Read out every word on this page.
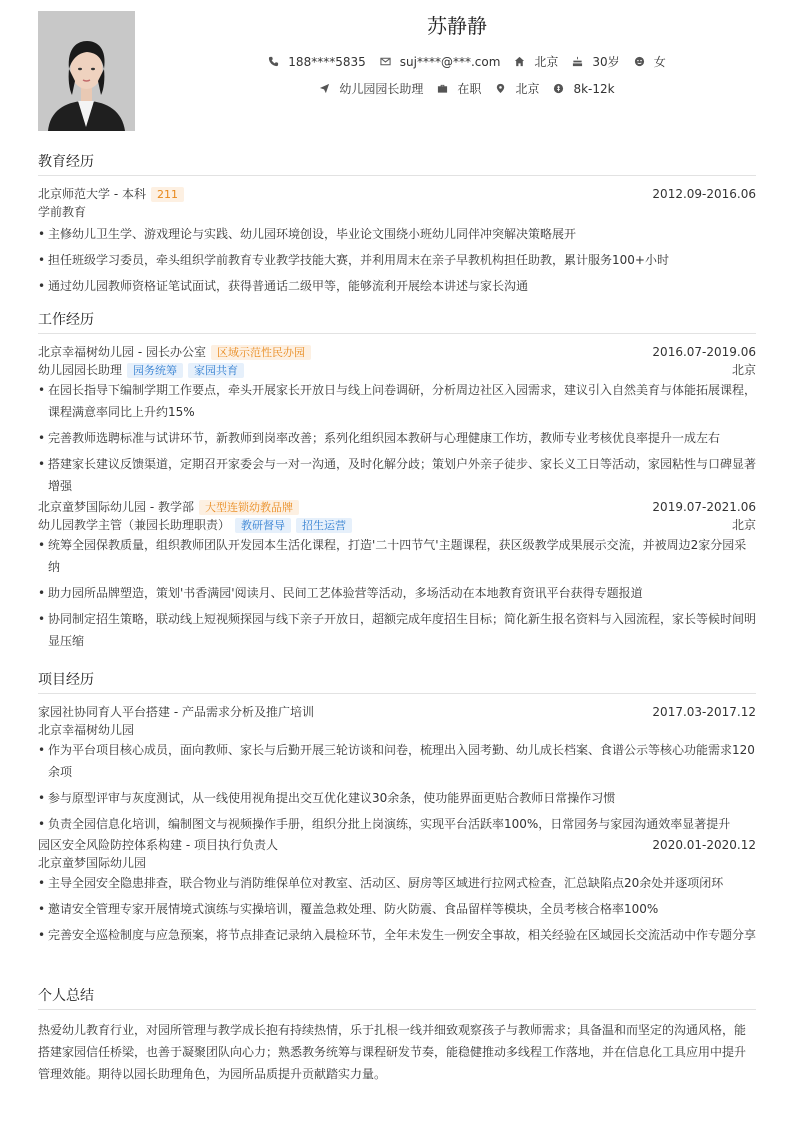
苏静静
188****5835	suj****@***.com	北京	30岁	女
幼儿园园长助理	在职	北京	8k-12k
教育经历
北京师范大学 - 本科	211	2012.09-2016.06
学前教育
• 主修幼儿卫生学、游戏理论与实践、幼儿园环境创设，毕业论文围绕小班幼儿同伴冲突解决策略展开
• 担任班级学习委员，牵头组织学前教育专业教学技能大赛，并利用周末在亲子早教机构担任助教，累计服务100+小时
• 通过幼儿园教师资格证笔试面试，获得普通话二级甲等，能够流利开展绘本讲述与家长沟通
工作经历
北京幸福树幼儿园 - 园长办公室	区域示范性民办园	2016.07-2019.06
幼儿园园长助理	园务统筹	家园共育	北京
• 在园长指导下编制学期工作要点，牵头开展家长开放日与线上问卷调研，分析周边社区入园需求，建议引入自然美育与体能拓展课程，课程满意率同比上升约15%
• 完善教师选聘标准与试讲环节，新教师到岗率改善；系列化组织园本教研与心理健康工作坊，教师专业考核优良率提升一成左右
• 搭建家长建议反馈渠道，定期召开家委会与一对一沟通，及时化解分歧；策划户外亲子徒步、家长义工日等活动，家园粘性与口碑显著增强
北京童梦国际幼儿园 - 教学部	大型连锁幼教品牌	2019.07-2021.06
幼儿园教学主管（兼园长助理职责）	教研督导	招生运营	北京
• 统筹全园保教质量，组织教师团队开发园本生活化课程，打造'二十四节气'主题课程，获区级教学成果展示交流，并被周边2家分园采纳
• 助力园所品牌塑造，策划'书香满园'阅读月、民间工艺体验营等活动，多场活动在本地教育资讯平台获得专题报道
• 协同制定招生策略，联动线上短视频探园与线下亲子开放日，超额完成年度招生目标；简化新生报名资料与入园流程，家长等候时间明显压缩
项目经历
家园社协同育人平台搭建 - 产品需求分析及推广培训	2017.03-2017.12
北京幸福树幼儿园
• 作为平台项目核心成员，面向教师、家长与后勤开展三轮访谈和问卷，梳理出入园考勤、幼儿成长档案、食谱公示等核心功能需求120余项
• 参与原型评审与灰度测试，从一线使用视角提出交互优化建议30余条，使功能界面更贴合教师日常操作习惯
• 负责全园信息化培训，编制图文与视频操作手册，组织分批上岗演练，实现平台活跃率100%，日常园务与家园沟通效率显著提升
园区安全风险防控体系构建 - 项目执行负责人	2020.01-2020.12
北京童梦国际幼儿园
• 主导全园安全隐患排查，联合物业与消防维保单位对教室、活动区、厨房等区域进行拉网式检查，汇总缺陷点20余处并逐项闭环
• 邀请安全管理专家开展情境式演练与实操培训，覆盖急救处理、防火防震、食品留样等模块，全员考核合格率100%
• 完善安全巡检制度与应急预案，将节点排查记录纳入晨检环节，全年未发生一例安全事故，相关经验在区域园长交流活动中作专题分享
个人总结
热爱幼儿教育行业，对园所管理与教学成长抱有持续热情，乐于扎根一线并细致观察孩子与教师需求；具备温和而坚定的沟通风格，能搭建家园信任桥梁，也善于凝聚团队向心力；熟悉教务统筹与课程研发节奏，能稳健推动多线程工作落地，并在信息化工具应用中提升管理效能。期待以园长助理角色，为园所品质提升贡献踏实力量。
